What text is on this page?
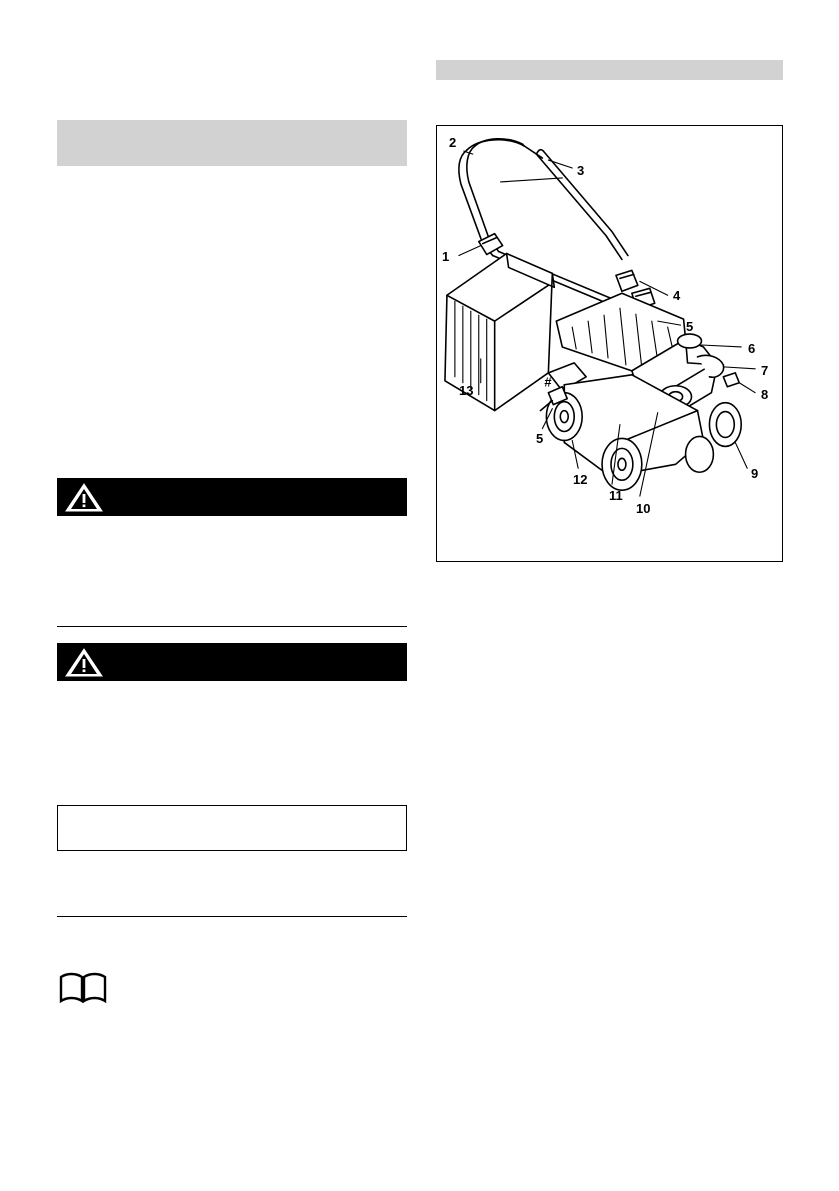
#
2
3
1
4
5
6
7
8
13
5
9
12
11
10
